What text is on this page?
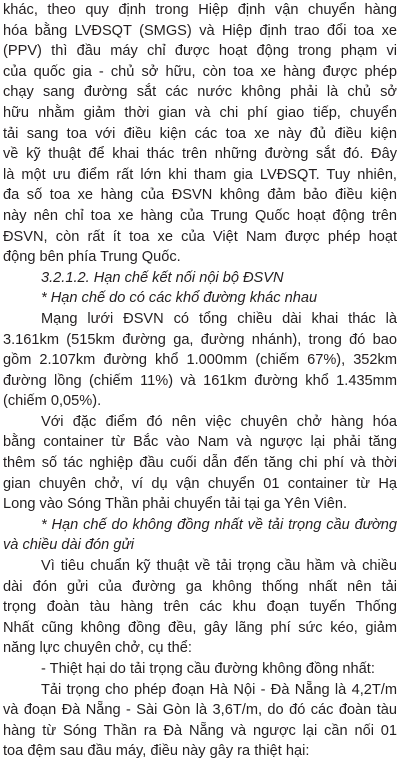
khác, theo quy định trong Hiệp định vận chuyển hàng
hóa bằng LVĐSQT (SMGS) và Hiệp định trao đổi toa xe
(PPV) thì đầu máy chỉ được hoạt động trong phạm vi
của quốc gia - chủ sở hữu, còn toa xe hàng được phép
chạy sang đường sắt các nước không phải là chủ sở
hữu nhằm giảm thời gian và chi phí giao tiếp, chuyển
tải sang toa với điều kiện các toa xe này đủ điều kiện
về kỹ thuật để khai thác trên những đường sắt đó. Đây
là một ưu điểm rất lớn khi tham gia LVĐSQT. Tuy nhiên,
đa số toa xe hàng của ĐSVN không đảm bảo điều kiện
này nên chỉ toa xe hàng của Trung Quốc hoạt động trên
ĐSVN, còn rất ít toa xe của Việt Nam được phép hoạt
động bên phía Trung Quốc.
3.2.1.2. Hạn chế kết nối nội bộ ĐSVN
* Hạn chế do có các khổ đường khác nhau
Mạng lưới ĐSVN có tổng chiều dài khai thác là
3.161km (515km đường ga, đường nhánh), trong đó bao
gồm 2.107km đường khổ 1.000mm (chiếm 67%), 352km
đường lồng (chiếm 11%) và 161km đường khổ 1.435mm
(chiếm 0,05%).
Với đặc điểm đó nên việc chuyên chở hàng hóa
bằng container từ Bắc vào Nam và ngược lại phải tăng
thêm số tác nghiệp đầu cuối dẫn đến tăng chi phí và thời
gian chuyên chở, ví dụ vận chuyển 01 container từ Hạ
Long vào Sóng Thần phải chuyển tải tại ga Yên Viên.
* Hạn chế do không đồng nhất về tải trọng cầu đường
và chiều dài đón gửi
Vì tiêu chuẩn kỹ thuật về tải trọng cầu hầm và chiều
dài đón gửi của đường ga không thống nhất nên tải
trọng đoàn tàu hàng trên các khu đoạn tuyến Thống
Nhất cũng không đồng đều, gây lãng phí sức kéo, giảm
năng lực chuyên chở, cụ thể:
- Thiệt hại do tải trọng cầu đường không đồng nhất:
Tải trọng cho phép đoạn Hà Nội - Đà Nẵng là 4,2T/m
và đoạn Đà Nẵng - Sài Gòn là 3,6T/m, do đó các đoàn tàu
hàng từ Sóng Thần ra Đà Nẵng và ngược lại cần nối 01
toa đệm sau đầu máy, điều này gây ra thiệt hại:
